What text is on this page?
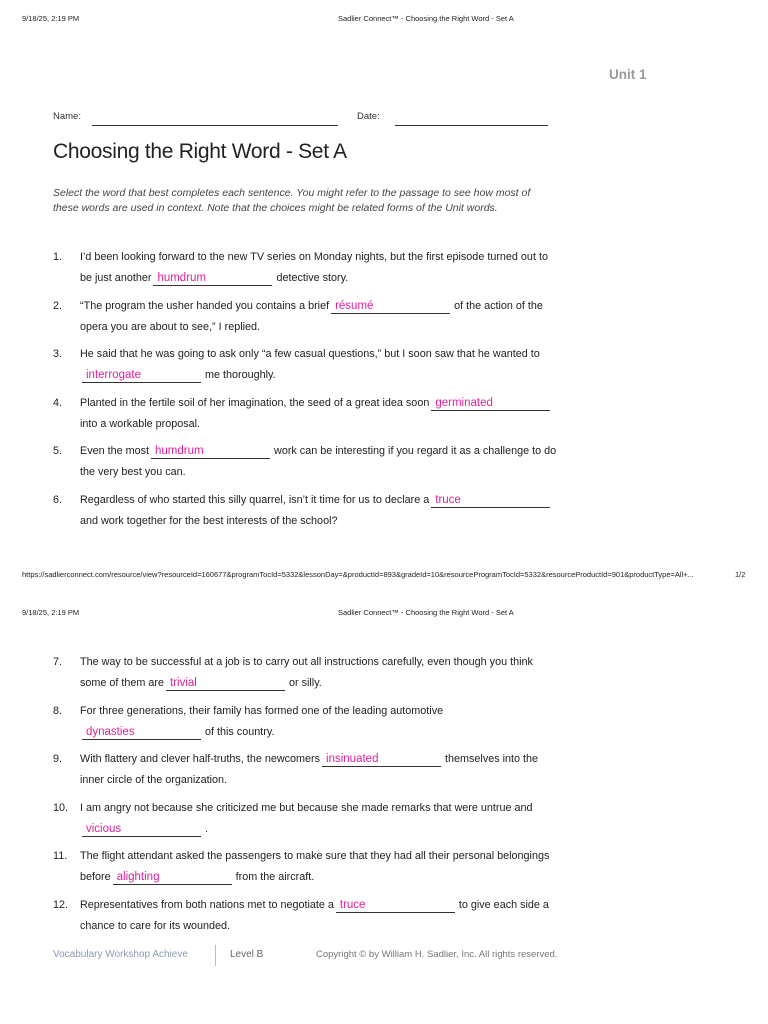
9/18/25, 2:19 PM	Sadlier Connect™ - Choosing the Right Word - Set A
Unit 1
Name:	Date:
Choosing the Right Word - Set A

Select the word that best completes each sentence. You might refer to the passage to see how most of these words are used in context. Note that the choices might be related forms of the Unit words.

1.	I’d been looking forward to the new TV series on Monday nights, but the first episode turned out to be just another humdrum	detective story.
2.	“The program the usher handed you contains a brief résumé	of the action of the opera you are about to see,” I replied.
3.	He said that he was going to ask only “a few casual questions,” but I soon saw that he wanted tointerrogate	me thoroughly.
4.	Planted in the fertile soil of her imagination, the seed of a great idea soon germinatedinto a workable proposal.
5.	Even the most humdrum	work can be interesting if you regard it as a challenge to do the very best you can.
6.	Regardless of who started this silly quarrel, isn’t it time for us to declare a truceand work together for the best interests of the school?
7.	The way to be successful at a job is to carry out all instructions carefully, even though you think some of them are trivial	or silly.
8.	For three generations, their family has formed one of the leading automotivedynasties	of this country.
9.	With flattery and clever half-truths, the newcomers insinuated	themselves into the inner circle of the organization.
10.	I am angry not because she criticized me but because she made remarks that were untrue andvicious	.
11.	The flight attendant asked the passengers to make sure that they had all their personal belongings before alighting	from the aircraft.
12.	Representatives from both nations met to negotiate a truce	to give each side a chance to care for its wounded.
https://sadlierconnect.com/resource/view?resourceId=160677&programTocId=5332&lessonDay=&productId=893&gradeId=10&resourceProgramTocId=5332&resourceProductId=901&productType=All+...	1/2
9/18/25, 2:19 PM	Sadlier Connect™ - Choosing the Right Word - Set A
Vocabulary Workshop Achieve	Level B	Copyright © by William H. Sadlier, Inc. All rights reserved.
